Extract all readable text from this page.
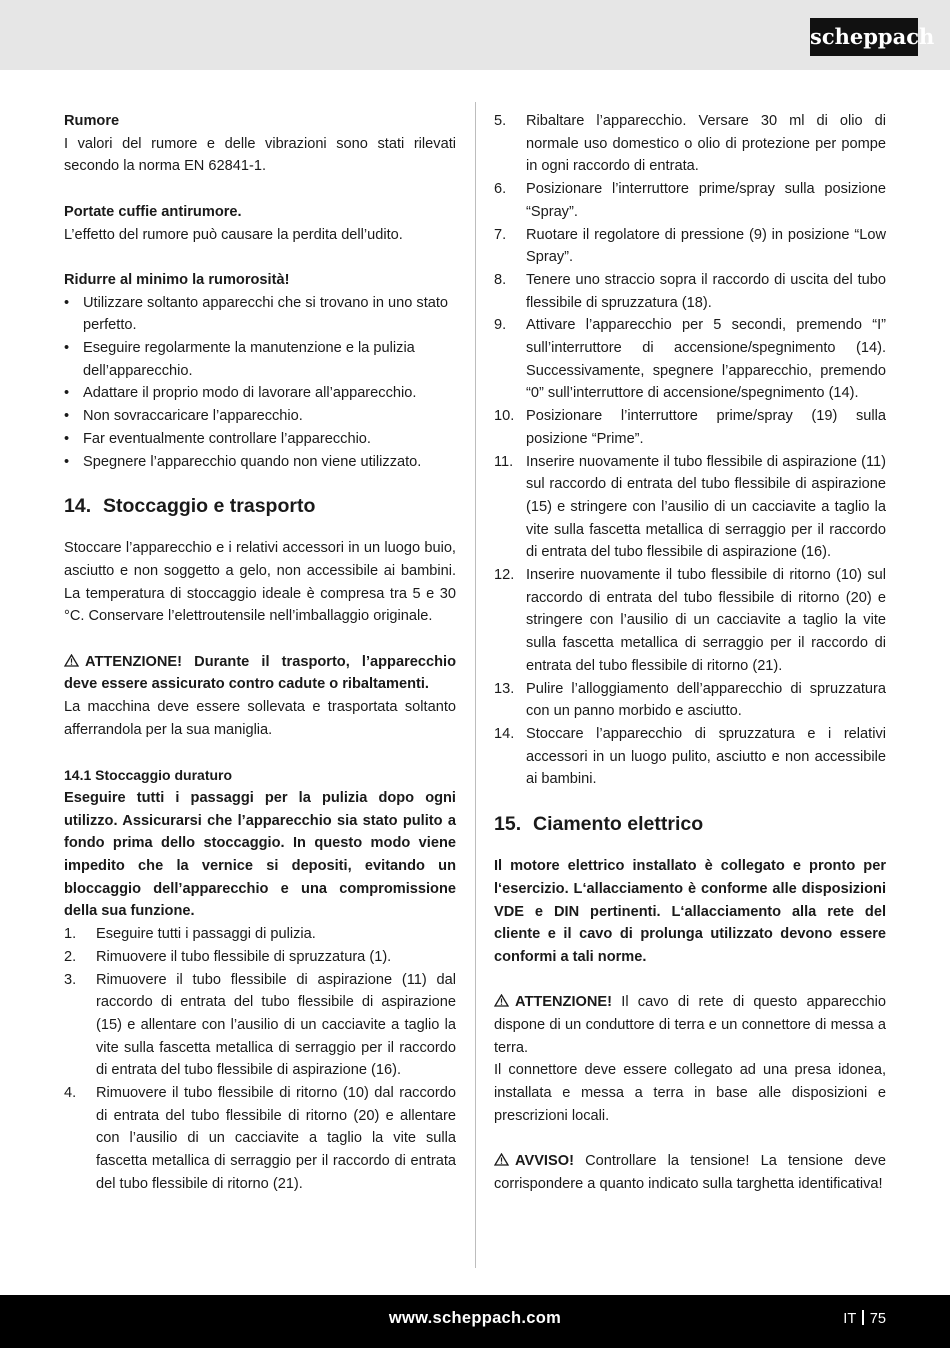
scheppach

Rumore

I valori del rumore e delle vibrazioni sono stati rilevati secondo la norma EN 62841-1.

Portate cuffie antirumore.

L’effetto del rumore può causare la perdita dell’udito.

Ridurre al minimo la rumorosità!

• Utilizzare soltanto apparecchi che si trovano in uno stato perfetto.
• Eseguire regolarmente la manutenzione e la pulizia dell’apparecchio.
• Adattare il proprio modo di lavorare all’apparecchio.
• Non sovraccaricare l’apparecchio.
• Far eventualmente controllare l’apparecchio.
• Spegnere l’apparecchio quando non viene utilizzato.
14. Stoccaggio e trasporto

Stoccare l’apparecchio e i relativi accessori in un luogo buio, asciutto e non soggetto a gelo, non accessibile ai bambini. La temperatura di stoccaggio ideale è compresa tra 5 e 30 °C. Conservare l’elettroutensile nell’imballaggio originale.

ATTENZIONE! Durante il trasporto, l’apparecchio deve essere assicurato contro cadute o ribaltamenti.

La macchina deve essere sollevata e trasportata soltanto afferrandola per la sua maniglia.

14.1 Stoccaggio duraturo

Eseguire tutti i passaggi per la pulizia dopo ogni utilizzo. Assicurarsi che l’apparecchio sia stato pulito a fondo prima dello stoccaggio. In questo modo viene impedito che la vernice si depositi, evitando un bloccaggio dell’apparecchio e una compromissione della sua funzione.

1.	Eseguire tutti i passaggi di pulizia.
2.	Rimuovere il tubo flessibile di spruzzatura (1).
3.	Rimuovere il tubo flessibile di aspirazione (11) dal raccordo di entrata del tubo flessibile di aspirazione (15) e allentare con l’ausilio di un cacciavite a taglio la vite sulla fascetta metallica di serraggio per il raccordo di entrata del tubo flessibile di aspirazione (16).
4.	Rimuovere il tubo flessibile di ritorno (10) dal raccordo di entrata del tubo flessibile di ritorno (20) e allentare con l’ausilio di un cacciavite a taglio la vite sulla fascetta metallica di serraggio per il raccordo di entrata del tubo flessibile di ritorno (21).
5.	Ribaltare l’apparecchio. Versare 30 ml di olio di normale uso domestico o olio di protezione per pompe in ogni raccordo di entrata.
6.	Posizionare l’interruttore prime/spray sulla posizione “Spray”.
7.	Ruotare il regolatore di pressione (9) in posizione “Low Spray”.
8.	Tenere uno straccio sopra il raccordo di uscita del tubo flessibile di spruzzatura (18).
9.	Attivare l’apparecchio per 5 secondi, premendo “I” sull’interruttore di accensione/spegnimento (14). Successivamente, spegnere l’apparecchio, premendo “0” sull’interruttore di accensione/spegnimento (14).
10. Posizionare l’interruttore prime/spray (19) sulla posizione “Prime”.
11. Inserire nuovamente il tubo flessibile di aspirazione (11) sul raccordo di entrata del tubo flessibile di aspirazione (15) e stringere con l’ausilio di un cacciavite a taglio la vite sulla fascetta metallica di serraggio per il raccordo di entrata del tubo flessibile di aspirazione (16).
12. Inserire nuovamente il tubo flessibile di ritorno (10) sul raccordo di entrata del tubo flessibile di ritorno (20) e stringere con l’ausilio di un cacciavite a taglio la vite sulla fascetta metallica di serraggio per il raccordo di entrata del tubo flessibile di ritorno (21).
13. Pulire l’alloggiamento dell’apparecchio di spruzzatura con un panno morbido e asciutto.
14. Stoccare l’apparecchio di spruzzatura e i relativi accessori in un luogo pulito, asciutto e non accessibile ai bambini.
15. Ciamento elettrico

Il motore elettrico installato è collegato e pronto per l‘esercizio. L‘allacciamento è conforme alle disposizioni VDE e DIN pertinenti. L‘allacciamento alla rete del cliente e il cavo di prolunga utilizzato devono essere conformi a tali norme.

ATTENZIONE! Il cavo di rete di questo apparecchio dispone di un conduttore di terra e un connettore di messa a terra.

Il connettore deve essere collegato ad una presa idonea, installata e messa a terra in base alle disposizioni e prescrizioni locali.

AVVISO! Controllare la tensione! La tensione deve corrispondere a quanto indicato sulla targhetta identificativa!

www.scheppach.com	IT 75
